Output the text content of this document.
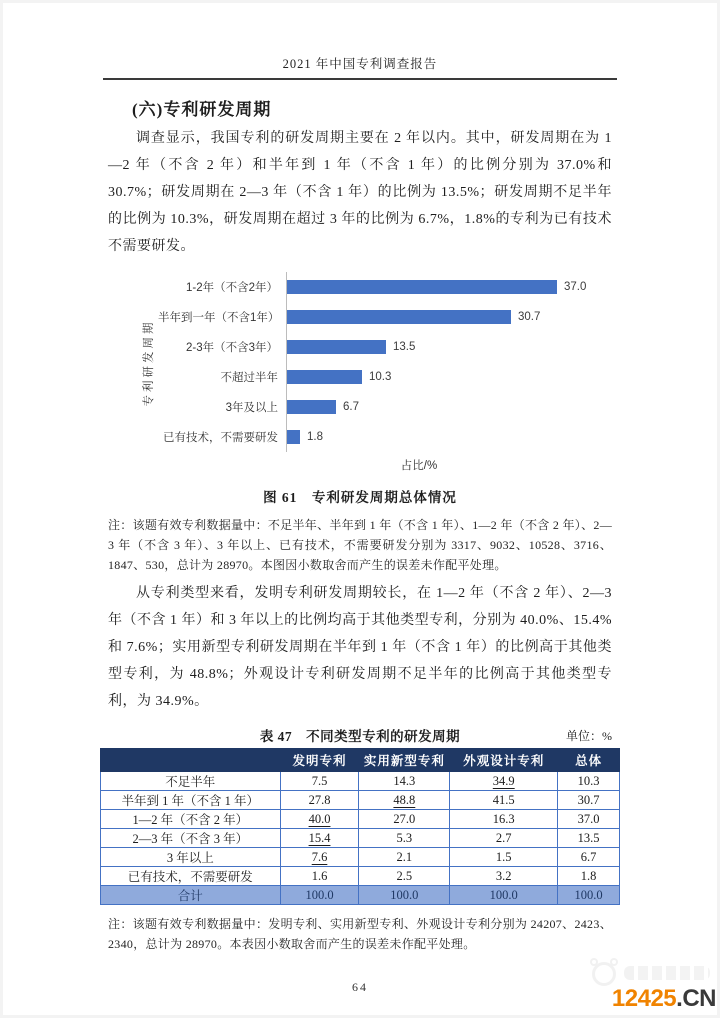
2021 年中国专利调查报告
(六)专利研发周期
调查显示，我国专利的研发周期主要在 2 年以内。其中，研发周期在为 1—2 年（不含 2 年）和半年到 1 年（不含 1 年）的比例分别为 37.0%和 30.7%；研发周期在 2—3 年（不含 1 年）的比例为 13.5%；研发周期不足半年的比例为 10.3%，研发周期在超过 3 年的比例为 6.7%，1.8%的专利为已有技术不需要研发。
专利研发周期
1-2年（不含2年）	37.0
半年到一年（不含1年）	30.7
2-3年（不含3年）	13.5
不超过半年	10.3
3年及以上	6.7
已有技术，不需要研发	1.8
占比/%
图 61　专利研发周期总体情况
注：该题有效专利数据量中：不足半年、半年到 1 年（不含 1 年）、1—2 年（不含 2 年）、2—3 年（不含 3 年）、3 年以上、已有技术，不需要研发分别为 3317、9032、10528、3716、1847、530，总计为 28970。本图因小数取舍而产生的误差未作配平处理。
从专利类型来看，发明专利研发周期较长，在 1—2 年（不含 2 年）、2—3 年（不含 1 年）和 3 年以上的比例均高于其他类型专利，分别为 40.0%、15.4%和 7.6%；实用新型专利研发周期在半年到 1 年（不含 1 年）的比例高于其他类型专利，为 48.8%；外观设计专利研发周期不足半年的比例高于其他类型专利，为 34.9%。
表 47　不同类型专利的研发周期	单位：%
	发明专利	实用新型专利	外观设计专利	总体
不足半年	7.5	14.3	34.9	10.3
半年到 1 年（不含 1 年）	27.8	48.8	41.5	30.7
1—2 年（不含 2 年）	40.0	27.0	16.3	37.0
2—3 年（不含 3 年）	15.4	5.3	2.7	13.5
3 年以上	7.6	2.1	1.5	6.7
已有技术，不需要研发	1.6	2.5	3.2	1.8
合计	100.0	100.0	100.0	100.0
注：该题有效专利数据量中：发明专利、实用新型专利、外观设计专利分别为 24207、2423、2340，总计为 28970。本表因小数取舍而产生的误差未作配平处理。
64	12425.CN
